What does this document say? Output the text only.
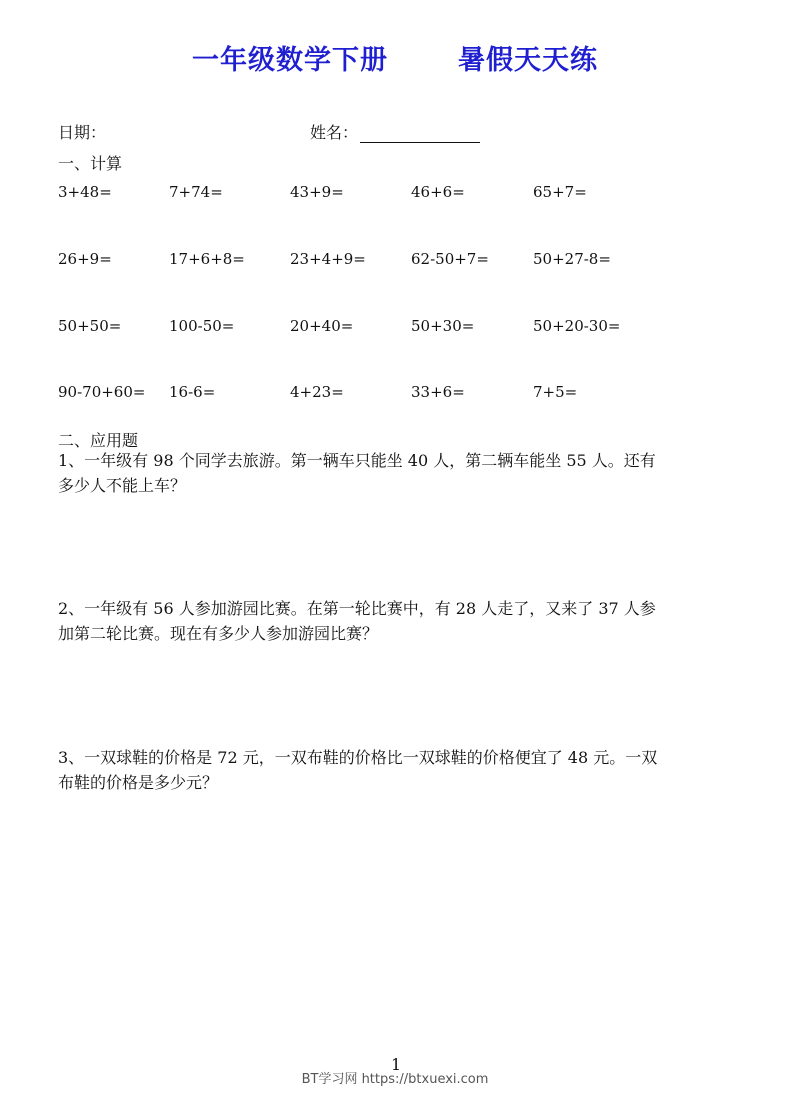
一年级数学下册	暑假天天练
日期：	姓名：
一、计算
3+48=	7+74=	43+9=	46+6=	65+7=
26+9=	17+6+8=	23+4+9=	62-50+7=	50+27-8=
50+50=	100-50=	20+40=	50+30=	50+20-30=
90-70+60= 16-6=	4+23=	33+6=	7+5=
二、应用题
1、一年级有 98 个同学去旅游。第一辆车只能坐 40 人，第二辆车能坐 55 人。还有
多少人不能上车？
2、一年级有 56 人参加游园比赛。在第一轮比赛中，有 28 人走了，又来了 37 人参
加第二轮比赛。现在有多少人参加游园比赛？
3、一双球鞋的价格是 72 元，一双布鞋的价格比一双球鞋的价格便宜了 48 元。一双
布鞋的价格是多少元？
1
BT学习网 https://btxuexi.com
